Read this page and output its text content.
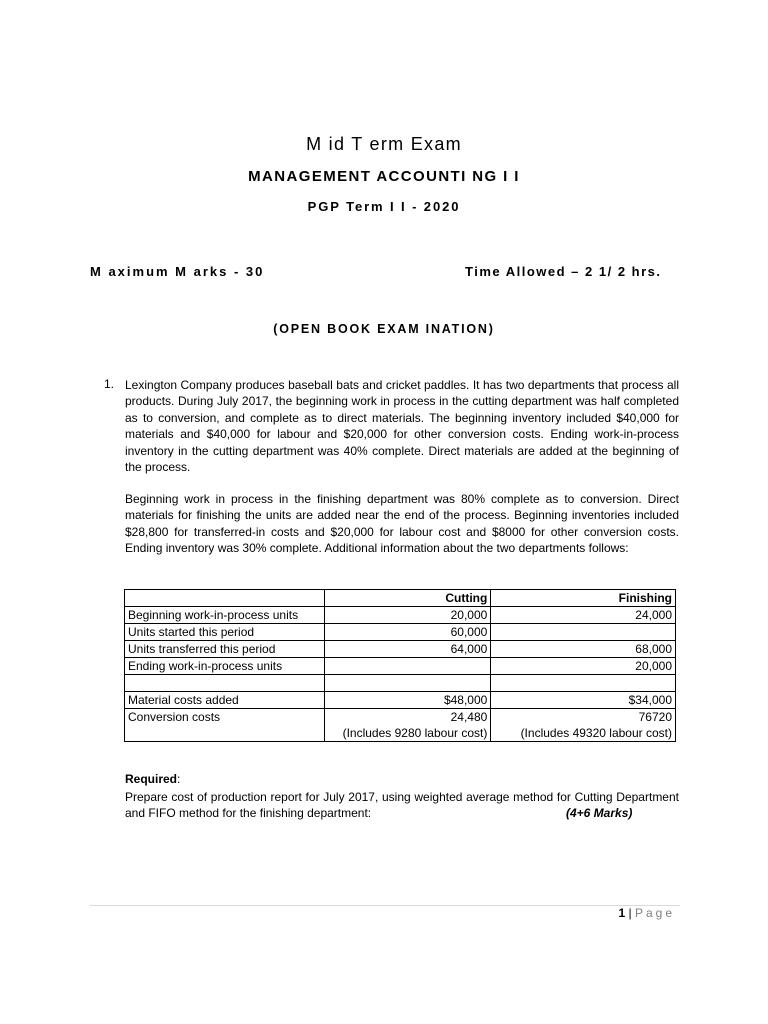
M id T erm Exam
MANAGEMENT ACCOUNTI NG I I
PGP Term I I - 2020
M aximum M arks - 30	Time Allowed – 2 1/ 2 hrs.
(OPEN BOOK EXAM INATION)
1. Lexington Company produces baseball bats and cricket paddles. It has two departments that process all products. During July 2017, the beginning work in process in the cutting department was half completed as to conversion, and complete as to direct materials. The beginning inventory included $40,000 for materials and $40,000 for labour and $20,000 for other conversion costs. Ending work-in-process inventory in the cutting department was 40% complete. Direct materials are added at the beginning of the process.
Beginning work in process in the finishing department was 80% complete as to conversion. Direct materials for finishing the units are added near the end of the process. Beginning inventories included $28,800 for transferred-in costs and $20,000 for labour cost and $8000 for other conversion costs. Ending inventory was 30% complete. Additional information about the two departments follows:
	Cutting	Finishing
Beginning work-in-process units	20,000	24,000
Units started this period	60,000	
Units transferred this period	64,000	68,000
Ending work-in-process units		20,000

Material costs added	$48,000	$34,000
Conversion costs	24,480	76720
	(Includes 9280 labour cost)	(Includes 49320 labour cost)
Required:
Prepare cost of production report for July 2017, using weighted average method for Cutting Department and FIFO method for the finishing department:	(4+6 Marks)
1 | Page
